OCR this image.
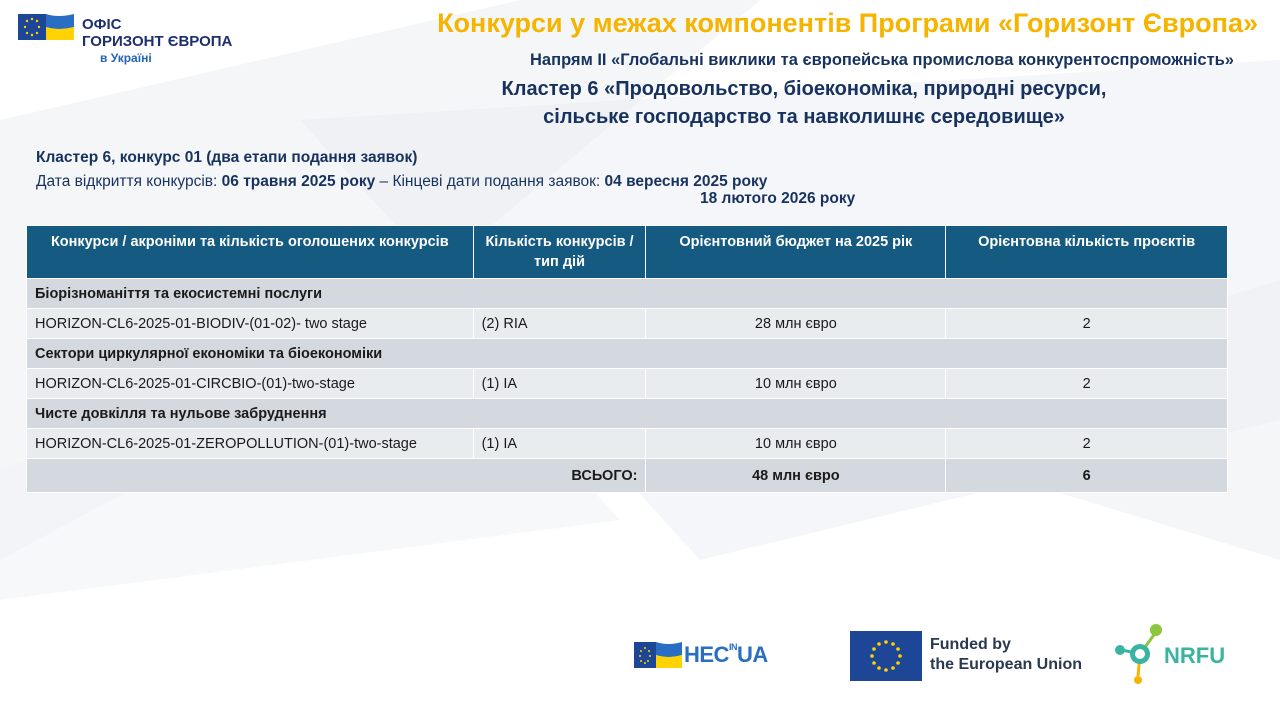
ОФІС
ГОРИЗОНТ ЄВРОПА
в Україні
Конкурси у межах компонентів Програми «Горизонт Європа»
Напрям ІІ «Глобальні виклики та європейська промислова конкурентоспроможність»
Кластер 6 «Продовольство, біоекономіка, природні ресурси,
сільське господарство та навколишнє середовище»
Кластер 6, конкурс 01 (два етапи подання заявок)
Дата відкриття конкурсів: 06 травня 2025 року – Кінцеві дати подання заявок: 04 вересня 2025 року
18 лютого 2026 року
Конкурси / акроніми та кількість оголошених конкурсів	Кількість конкурсів / тип дій	Орієнтовний бюджет на 2025 рік	Орієнтовна кількість проєктів
Біорізноманіття та екосистемні послуги			
HORIZON-CL6-2025-01-BIODIV-(01-02)- two stage	(2) RIA	28 млн євро	2
Сектори циркулярної економіки та біоекономіки			
HORIZON-CL6-2025-01-CIRCBIO-(01)-two-stage	(1) IA	10 млн євро	2
Чисте довкілля та нульове забруднення			
HORIZON-CL6-2025-01-ZEROPOLLUTION-(01)-two-stage	(1) IA	10 млн євро	2
ВСЬОГО:		48 млн євро	6
$HEC^{IN}UA$	Funded by
the European Union	NRFU
